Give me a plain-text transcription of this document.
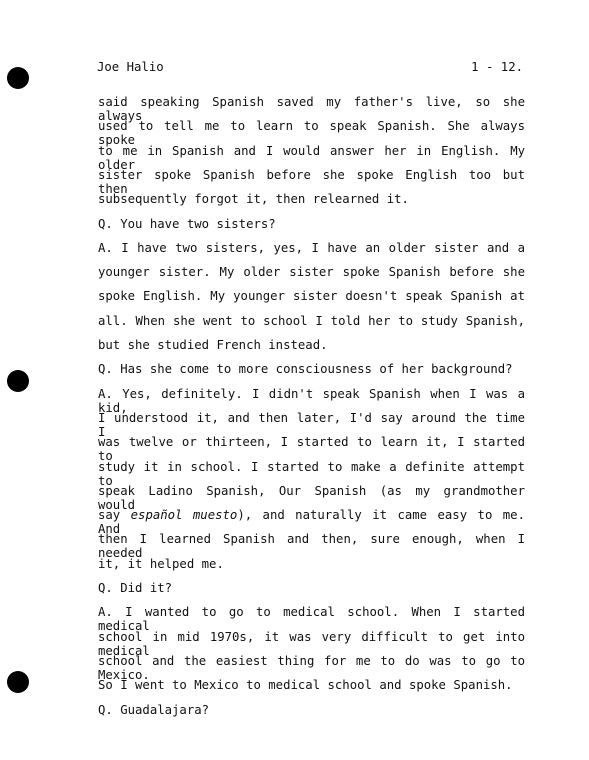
Joe Halio	1 - 12.
said speaking Spanish saved my father's live, so she always
used to tell me to learn to speak Spanish. She always spoke
to me in Spanish and I would answer her in English. My older
sister spoke Spanish before she spoke English too but then
subsequently forgot it, then relearned it.
Q. You have two sisters?
A. I have two sisters, yes, I have an older sister and a
younger sister. My older sister spoke Spanish before she
spoke English. My younger sister doesn't speak Spanish at
all. When she went to school I told her to study Spanish,
but she studied French instead.
Q. Has she come to more consciousness of her background?
A. Yes, definitely. I didn't speak Spanish when I was a kid,
I understood it, and then later, I'd say around the time I
was twelve or thirteen, I started to learn it, I started to
study it in school. I started to make a definite attempt to
speak Ladino Spanish, Our Spanish (as my grandmother would
say español muesto), and naturally it came easy to me. And
then I learned Spanish and then, sure enough, when I needed
it, it helped me.
Q. Did it?
A. I wanted to go to medical school. When I started medical
school in mid 1970s, it was very difficult to get into medical
school and the easiest thing for me to do was to go to Mexico.
So I went to Mexico to medical school and spoke Spanish.
Q. Guadalajara?
